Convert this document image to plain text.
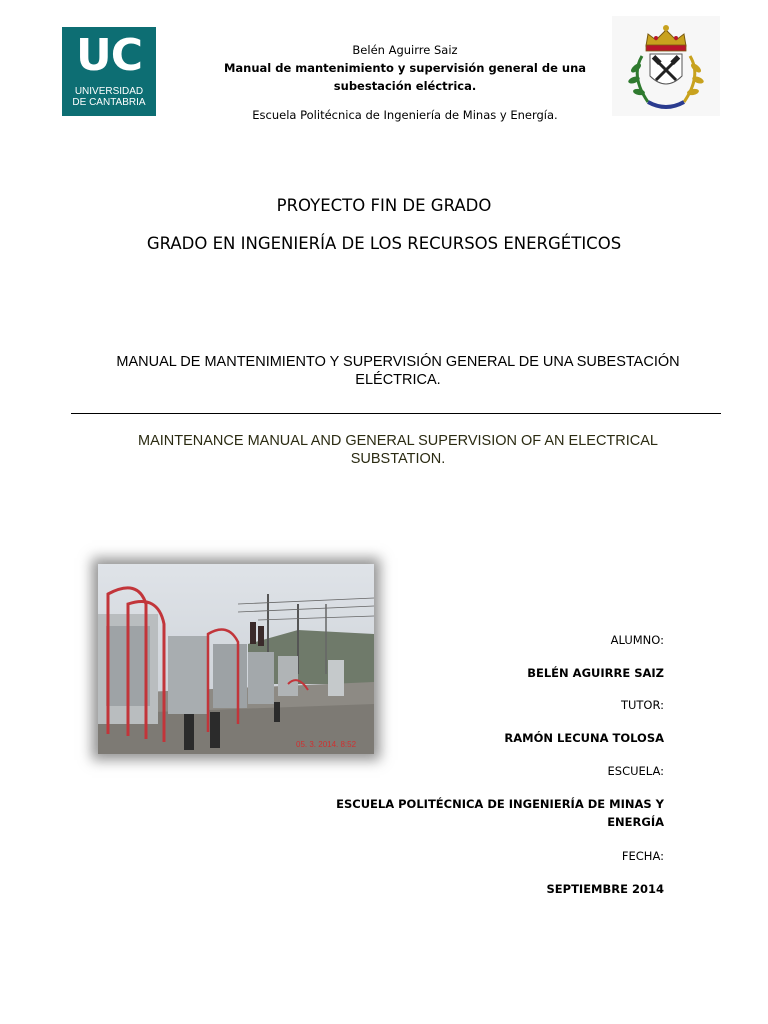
UC
UNIVERSIDAD
DE CANTABRIA
Belén Aguirre Saiz
Manual de mantenimiento y supervisión general de una
subestación eléctrica.
Escuela Politécnica de Ingeniería de Minas y Energía.
PROYECTO FIN DE GRADO
GRADO EN INGENIERÍA DE LOS RECURSOS ENERGÉTICOS
MANUAL DE MANTENIMIENTO Y SUPERVISIÓN GENERAL DE UNA SUBESTACIÓN
ELÉCTRICA.
MAINTENANCE MANUAL AND GENERAL SUPERVISION OF AN ELECTRICAL
SUBSTATION.
05. 3. 2014. 8:52
ALUMNO:
BELÉN AGUIRRE SAIZ
TUTOR:
RAMÓN LECUNA TOLOSA
ESCUELA:
ESCUELA POLITÉCNICA DE INGENIERÍA DE MINAS Y
ENERGÍA
FECHA:
SEPTIEMBRE 2014
